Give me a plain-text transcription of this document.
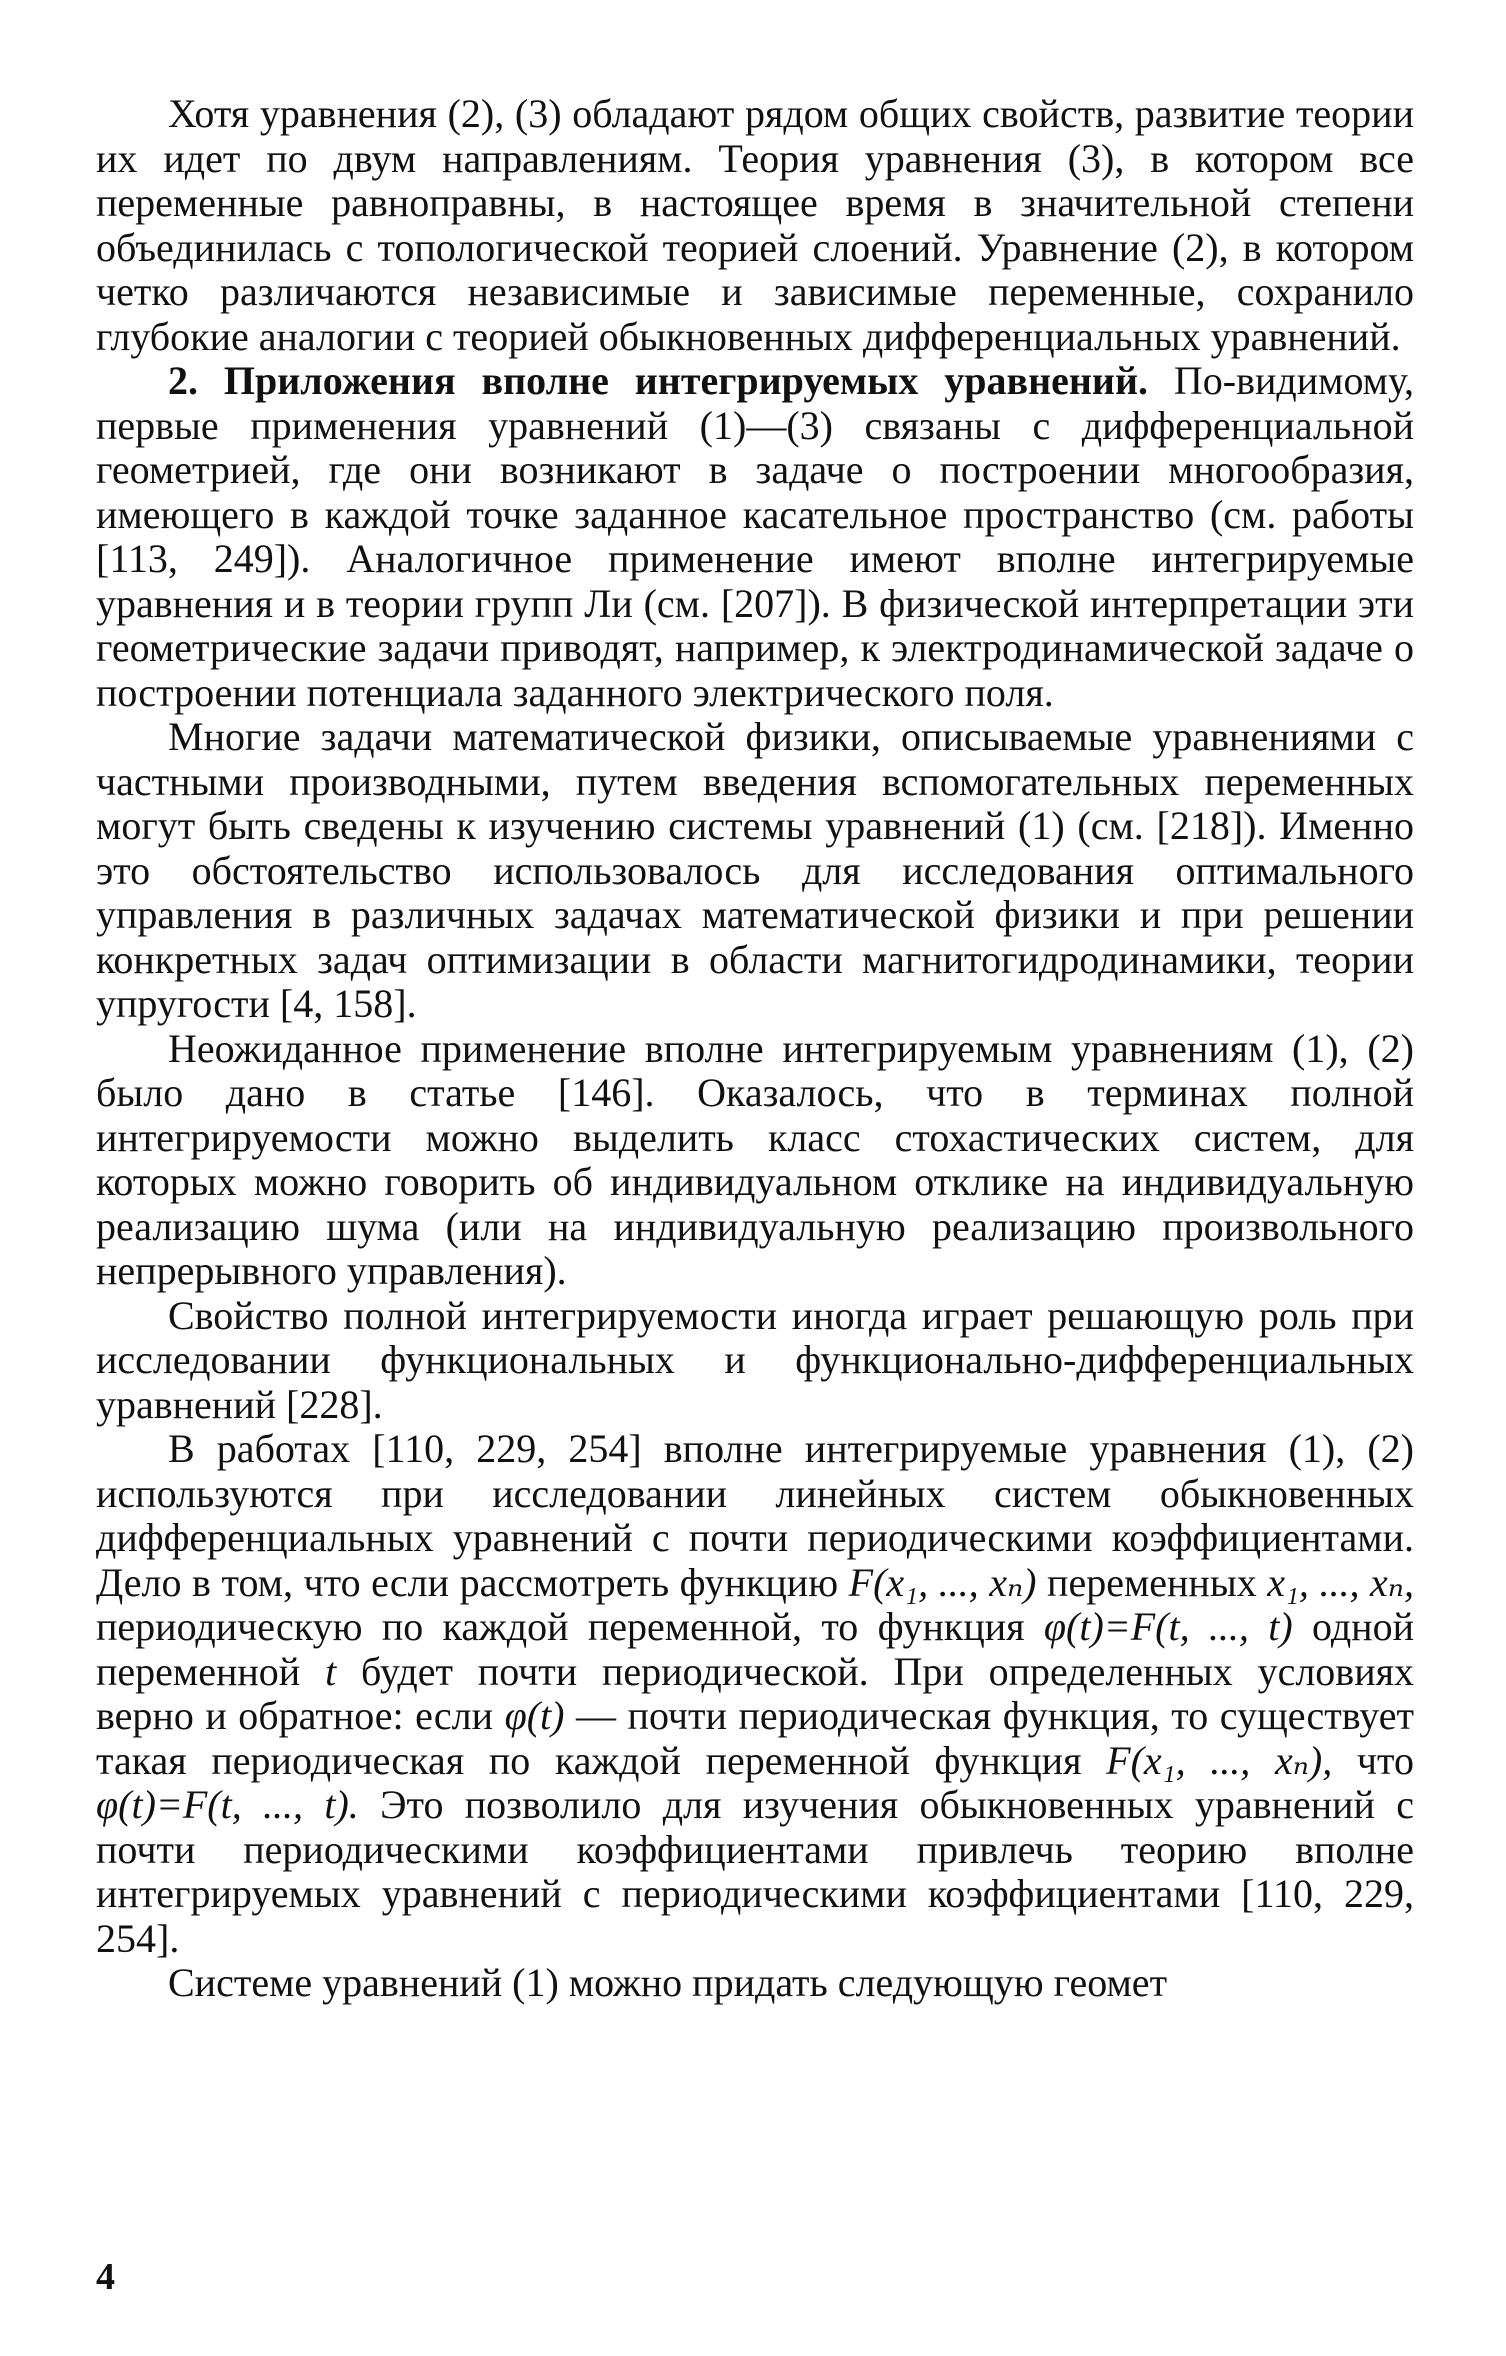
Хотя уравнения (2), (3) обладают рядом общих свойств, развитие теории их идет по двум направлениям. Теория уравнения (3), в котором все переменные равноправны, в настоящее время в значительной степени объединилась с топологической теорией слоений. Уравнение (2), в котором четко различаются независимые и зависимые переменные, сохранило глубокие аналогии с теорией обыкновенных дифференциальных уравнений.

2. Приложения вполне интегрируемых уравнений. По-видимому, первые применения уравнений (1)—(3) связаны с дифференциальной геометрией, где они возникают в задаче о построении многообразия, имеющего в каждой точке заданное касательное пространство (см. работы [113, 249]). Аналогичное применение имеют вполне интегрируемые уравнения и в теории групп Ли (см. [207]). В физической интерпретации эти геометрические задачи приводят, например, к электродинамической задаче о построении потенциала заданного электрического поля.

Многие задачи математической физики, описываемые уравнениями с частными производными, путем введения вспомогательных переменных могут быть сведены к изучению системы уравнений (1) (см. [218]). Именно это обстоятельство использовалось для исследования оптимального управления в различных задачах математической физики и при решении конкретных задач оптимизации в области магнитогидродинамики, теории упругости [4, 158].

Неожиданное применение вполне интегрируемым уравнениям (1), (2) было дано в статье [146]. Оказалось, что в терминах полной интегрируемости можно выделить класс стохастических систем, для которых можно говорить об индивидуальном отклике на индивидуальную реализацию шума (или на индивидуальную реализацию произвольного непрерывного управления).

Свойство полной интегрируемости иногда играет решающую роль при исследовании функциональных и функционально-дифференциальных уравнений [228].

В работах [110, 229, 254] вполне интегрируемые уравнения (1), (2) используются при исследовании линейных систем обыкновенных дифференциальных уравнений с почти периодическими коэффициентами. Дело в том, что если рассмотреть функцию F(x₁, ..., xₙ) переменных x₁, ..., xₙ, периодическую по каждой переменной, то функция φ(t)=F(t, ..., t) одной переменной t будет почти периодической. При определенных условиях верно и обратное: если φ(t) — почти периодическая функция, то существует такая периодическая по каждой переменной функция F(x₁, ..., xₙ), что φ(t)=F(t, ..., t). Это позволило для изучения обыкновенных уравнений с почти периодическими коэффициентами привлечь теорию вполне интегрируемых уравнений с периодическими коэффициентами [110, 229, 254].

Системе уравнений (1) можно придать следующую геомет

4
